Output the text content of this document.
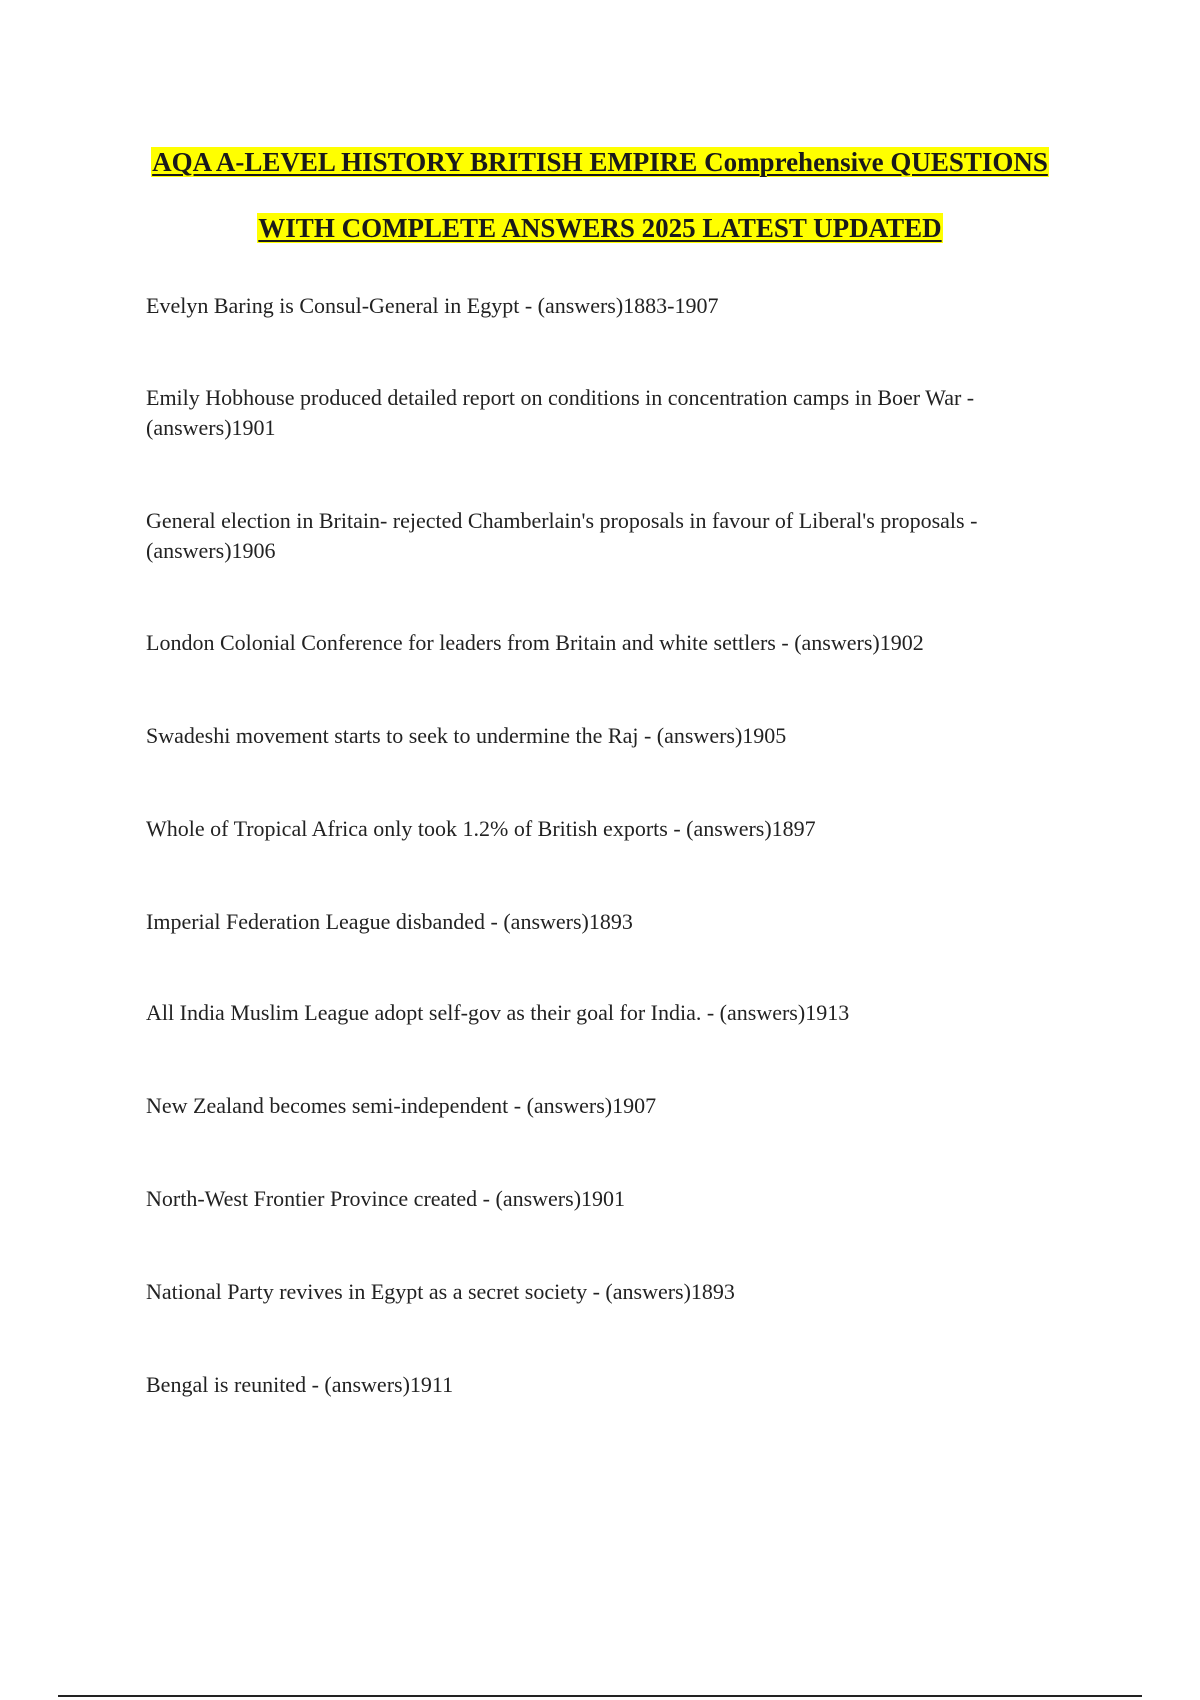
AQA A-LEVEL HISTORY BRITISH EMPIRE Comprehensive QUESTIONS
WITH COMPLETE ANSWERS 2025 LATEST UPDATED
Evelyn Baring is Consul-General in Egypt - (answers)1883-1907
Emily Hobhouse produced detailed report on conditions in concentration camps in Boer War - (answers)1901
General election in Britain- rejected Chamberlain's proposals in favour of Liberal's proposals - (answers)1906
London Colonial Conference for leaders from Britain and white settlers - (answers)1902
Swadeshi movement starts to seek to undermine the Raj - (answers)1905
Whole of Tropical Africa only took 1.2% of British exports - (answers)1897
Imperial Federation League disbanded - (answers)1893
All India Muslim League adopt self-gov as their goal for India. - (answers)1913
New Zealand becomes semi-independent - (answers)1907
North-West Frontier Province created - (answers)1901
National Party revives in Egypt as a secret society - (answers)1893
Bengal is reunited - (answers)1911
